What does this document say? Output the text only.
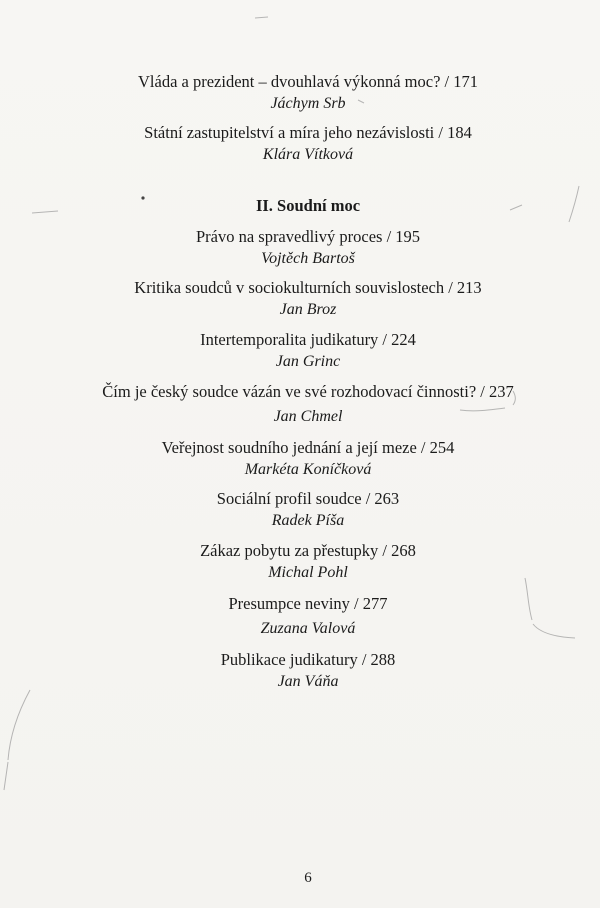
Vláda a prezident – dvouhlavá výkonná moc? / 171
Jáchym Srb
Státní zastupitelství a míra jeho nezávislosti / 184
Klára Vítková
II. Soudní moc
Právo na spravedlivý proces / 195
Vojtěch Bartoš
Kritika soudců v sociokulturních souvislostech / 213
Jan Broz
Intertemporalita judikatury / 224
Jan Grinc
Čím je český soudce vázán ve své rozhodovací činnosti? / 237
Jan Chmel
Veřejnost soudního jednání a její meze / 254
Markéta Koníčková
Sociální profil soudce / 263
Radek Píša
Zákaz pobytu za přestupky / 268
Michal Pohl
Presumpce neviny / 277
Zuzana Valová
Publikace judikatury / 288
Jan Váňa
6
